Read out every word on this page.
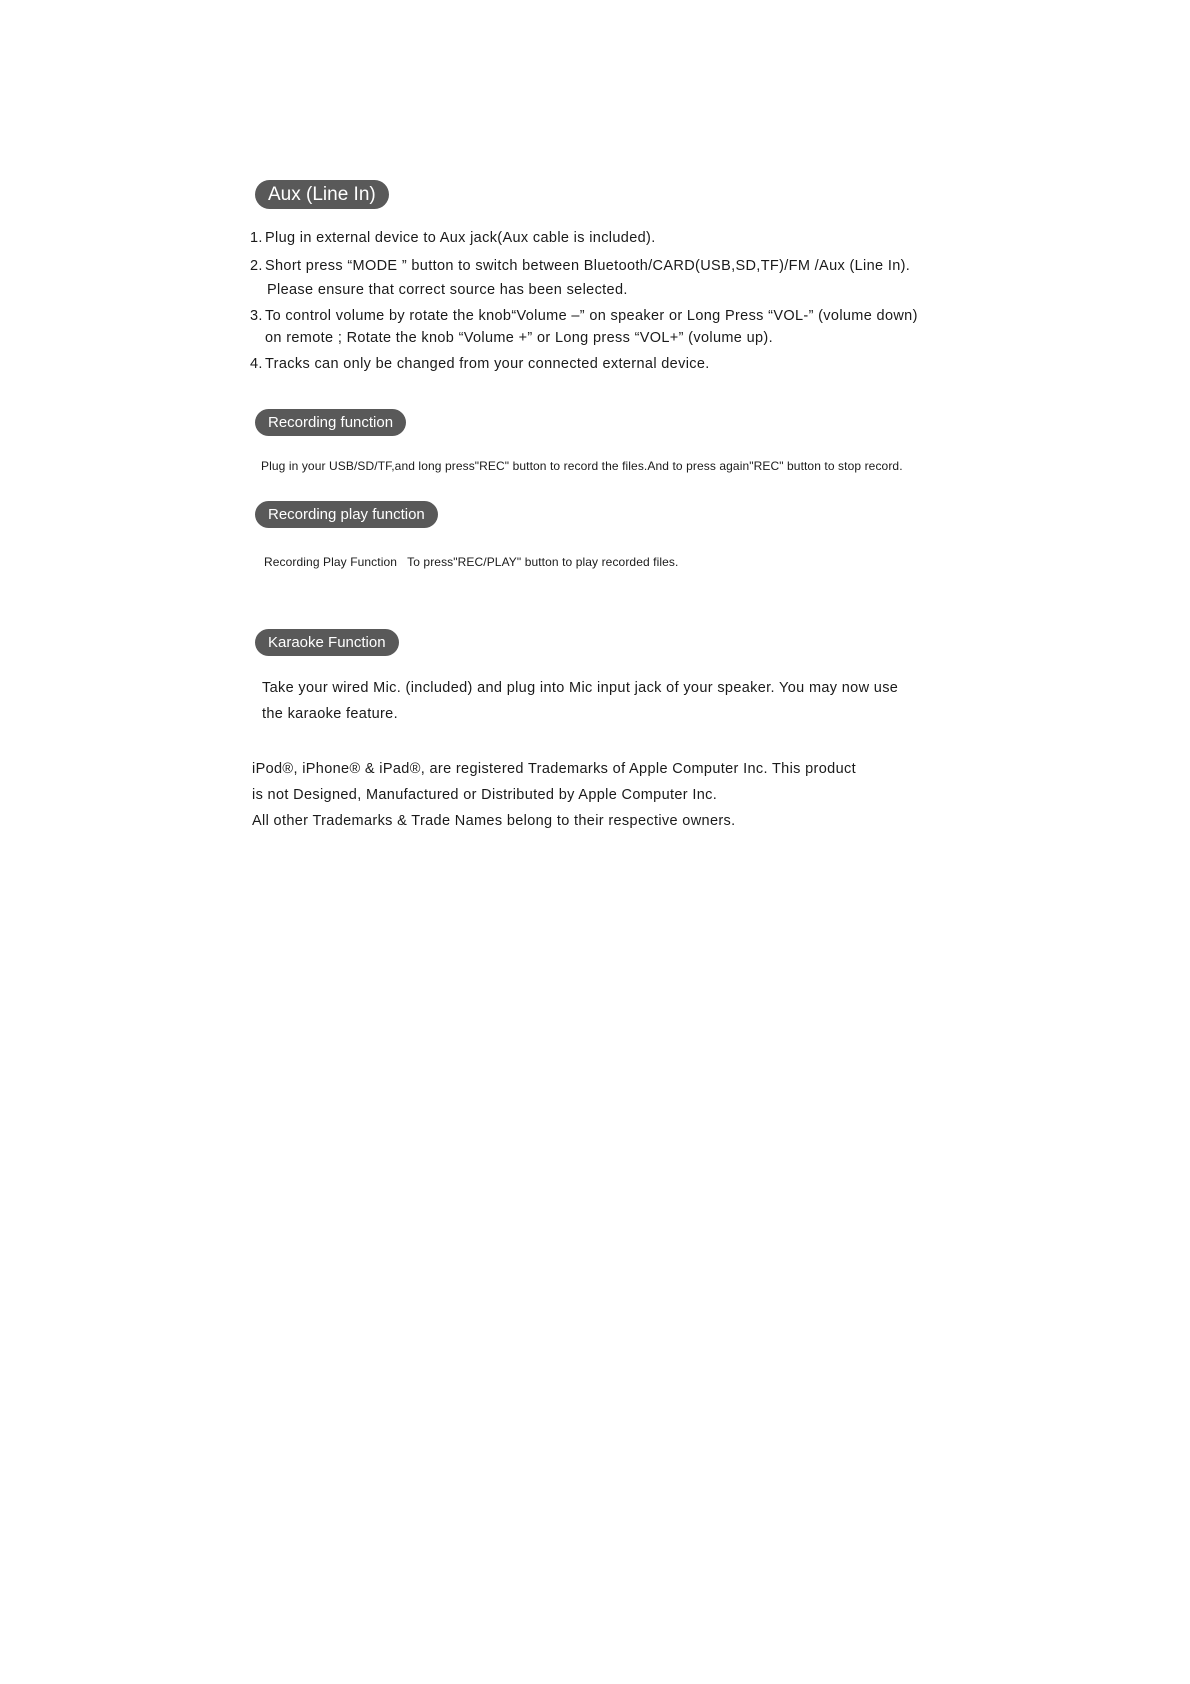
Aux (Line In)
1. Plug in external device to Aux jack(Aux cable is included).
2. Short press “MODE ” button to switch between Bluetooth/CARD(USB,SD,TF)/FM /Aux (Line In).
Please ensure that correct source has been selected.
3. To control volume by rotate the knob“Volume –” on speaker or Long Press “VOL-” (volume down)
on remote ; Rotate the knob “Volume +” or Long press “VOL+” (volume up).
4. Tracks can only be changed from your connected external device.
Recording function
Plug in your USB/SD/TF,and long press"REC" button to record the files.And to press again"REC" button to stop record.
Recording play function
Recording Play Function   To press"REC/PLAY" button to play recorded files.
Karaoke Function
Take your wired Mic. (included) and plug into Mic input jack of your speaker. You may now use
the karaoke feature.
iPod®, iPhone® & iPad®, are registered Trademarks of Apple Computer Inc. This product
is not Designed, Manufactured or Distributed by Apple Computer Inc.
All other Trademarks & Trade Names belong to their respective owners.
